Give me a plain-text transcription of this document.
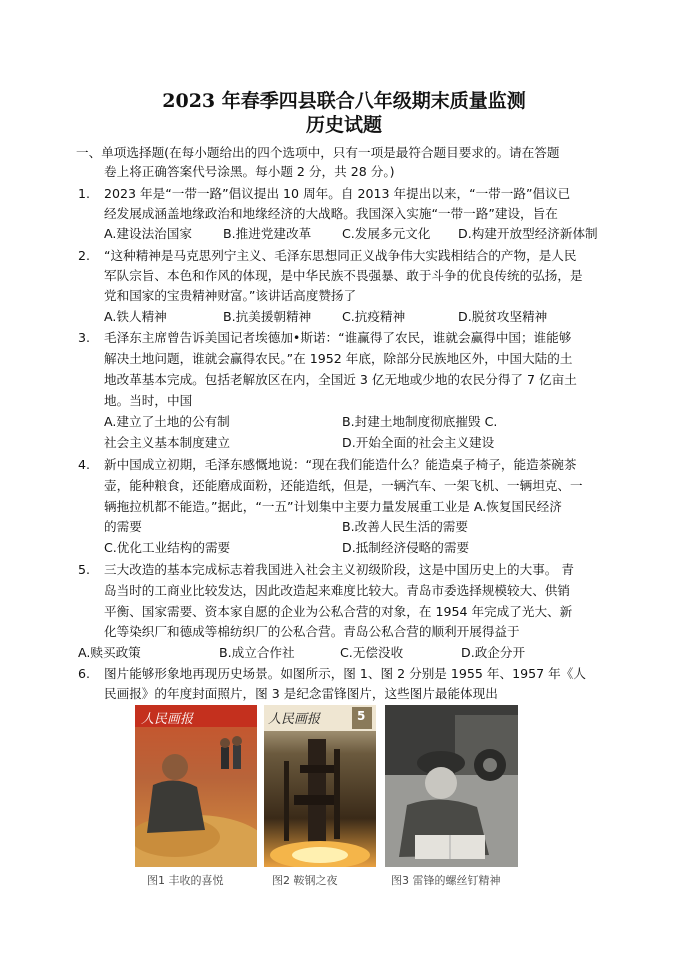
2023 年春季四县联合八年级期末质量监测
历史试题
一、单项选择题(在每小题给出的四个选项中，只有一项是最符合题目要求的。请在答题
卷上将正确答案代号涂黑。每小题 2 分，共 28 分。)
1. 2023 年是“一带一路”倡议提出 10 周年。自 2013 年提出以来，“一带一路”倡议已
经发展成涵盖地缘政治和地缘经济的大战略。我国深入实施“一带一路”建设，旨在
A.建设法治国家 B.推进党建改革 C.发展多元文化 D.构建开放型经济新体制
2. “这种精神是马克思列宁主义、毛泽东思想同正义战争伟大实践相结合的产物，是人民
军队宗旨、本色和作风的体现，是中华民族不畏强暴、敢于斗争的优良传统的弘扬，是
党和国家的宝贵精神财富。”该讲话高度赞扬了
A.铁人精神	B.抗美援朝精神 C.抗疫精神	D.脱贫攻坚精神
3. 毛泽东主席曾告诉美国记者埃德加•斯诺：“谁赢得了农民，谁就会赢得中国；谁能够
解决土地问题，谁就会赢得农民。”在 1952 年底，除部分民族地区外，中国大陆的土
地改革基本完成。包括老解放区在内，全国近 3 亿无地或少地的农民分得了 7 亿亩土
地。当时，中国
A.建立了土地的公有制	B.封建土地制度彻底摧毁 C.
社会主义基本制度建立	D.开始全面的社会主义建设
4. 新中国成立初期，毛泽东感慨地说：“现在我们能造什么？能造桌子椅子，能造茶碗茶
壶，能种粮食，还能磨成面粉，还能造纸，但是，一辆汽车、一架飞机、一辆坦克、一
辆拖拉机都不能造。”据此，“一五”计划集中主要力量发展重工业是 A.恢复国民经济
的需要	B.改善人民生活的需要
C.优化工业结构的需要	D.抵制经济侵略的需要
5. 三大改造的基本完成标志着我国进入社会主义初级阶段，这是中国历史上的大事。 青
岛当时的工商业比较发达，因此改造起来难度比较大。青岛市委选择规模较大、供销
平衡、国家需要、资本家自愿的企业为公私合营的对象，在 1954 年完成了光大、新
化等染织厂和德成等棉纺织厂的公私合营。青岛公私合营的顺利开展得益于
A.赎买政策	B.成立合作社	C.无偿没收	D.政企分开
6. 图片能够形象地再现历史场景。如图所示，图 1、图 2 分别是 1955 年、1957 年《人
民画报》的年度封面照片，图 3 是纪念雷锋图片，这些图片最能体现出
人民画报	人民画报	5
图1 丰收的喜悦	图2 鞍钢之夜	图3 雷锋的螺丝钉精神
